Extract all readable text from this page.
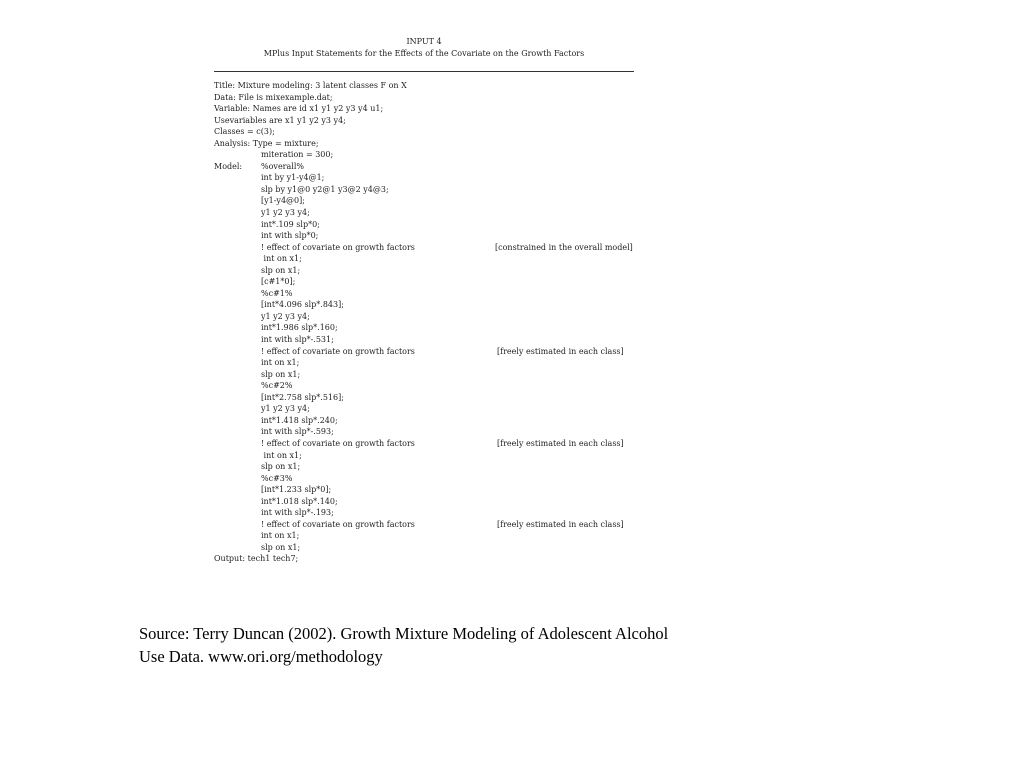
INPUT 4

MPlus Input Statements for the Effects of the Covariate on the Growth Factors

Title: Mixture modeling: 3 latent classes F on X
Data: File is mixexample.dat;
Variable: Names are id x1 y1 y2 y3 y4 u1;
Usevariables are x1 y1 y2 y3 y4;
Classes = c(3);
Analysis: Type = mixture;
miteration = 300;
Model: %overall%
int by y1-y4@1;
slp by y1@0 y2@1 y3@2 y4@3;
[y1-y4@0];
y1 y2 y3 y4;
int*.109 slp*0;
int with slp*0;
! effect of covariate on growth factors	[constrained in the overall model]
int on x1;
slp on x1;
[c#1*0];
%c#1%
[int*4.096 slp*.843];
y1 y2 y3 y4;
int*1.986 slp*.160;
int with slp*-.531;
! effect of covariate on growth factors	[freely estimated in each class]
int on x1;
slp on x1;
%c#2%
[int*2.758 slp*.516];
y1 y2 y3 y4;
int*1.418 slp*.240;
int with slp*-.593;
! effect of covariate on growth factors	[freely estimated in each class]
int on x1;
slp on x1;
%c#3%
[int*1.233 slp*0];
int*1.018 slp*.140;
int with slp*-.193;
! effect of covariate on growth factors	[freely estimated in each class]
int on x1;
slp on x1;
Output: tech1 tech7;

Source: Terry Duncan (2002). Growth Mixture Modeling of Adolescent Alcohol

Use Data. www.ori.org/methodology
